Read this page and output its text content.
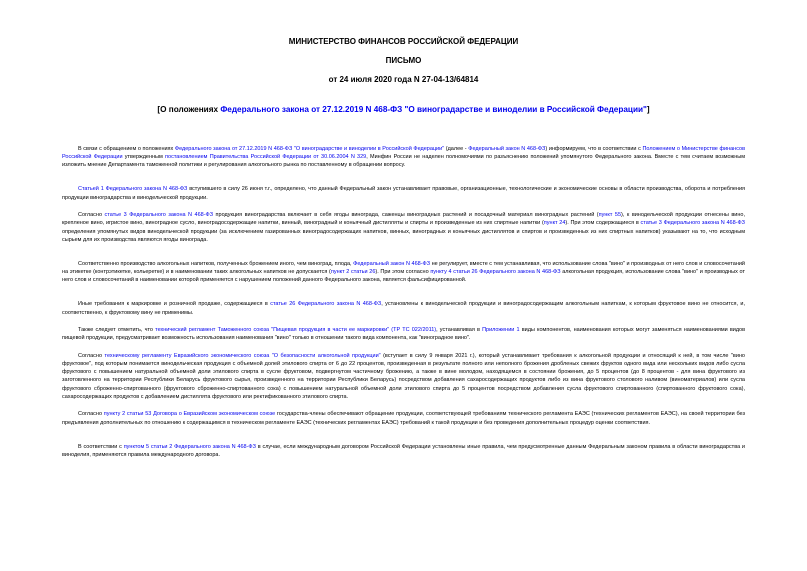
МИНИСТЕРСТВО ФИНАНСОВ РОССИЙСКОЙ ФЕДЕРАЦИИ
ПИСЬМО
от 24 июля 2020 года N 27-04-13/64814
[О положениях Федерального закона от 27.12.2019 N 468-ФЗ "О виноградарстве и виноделии в Российской Федерации"]

В связи с обращением о положениях Федерального закона от 27.12.2019 N 468-ФЗ "О виноградарстве и виноделии в Российской Федерации" (далее - Федеральный закон N 468-ФЗ) информируем, что в соответствии с Положением о Министерстве финансов Российской Федерации утвержденным постановлением Правительства Российской Федерации от 30.06.2004 N 329, Минфин России не наделен полномочиями по разъяснению положений упомянутого Федерального закона. Вместе с тем считаем возможным изложить мнение Департамента таможенной политики и регулирования алкогольного рынка по поставленному в обращении вопросу.

Статьей 1 Федерального закона N 468-ФЗ вступившего в силу 26 июня т.г., определено, что данный Федеральный закон устанавливает правовые, организационные, технологические и экономические основы в области производства, оборота и потребления продукции виноградарства и винодельческой продукции.

Согласно статье 3 Федерального закона N 468-ФЗ продукция виноградарства включает в себя ягоды винограда, саженцы виноградных растений и посадочный материал виноградных растений (пункт 55), к винодельческой продукции отнесены вино, крепленое вино, игристое вино, виноградное сусло, виноградосодержащие напитки, винный, виноградный и коньячный дистилляты и спирты и произведенные из них спиртные напитки (пункт 24). При этом содержащиеся в статье 3 Федерального закона N 468-ФЗ определения упомянутых видов винодельческой продукции (за исключением газированных виноградосодержащих напитков, винных, виноградных и коньячных дистиллятов и спиртов и произведенных из них спиртных напитков) указывают на то, что исходным сырьем для их производства являются ягоды винограда.

Соответственно производство алкогольных напитков, полученных брожением иного, чем виноград, плода, Федеральный закон N 468-ФЗ не регулирует, вместе с тем устанавливая, что использование слова "вино" и производных от него слов и словосочетаний на этикетке (контрэтикетке, кольеретке) и в наименовании таких алкогольных напитков не допускается (пункт 2 статьи 26). При этом согласно пункту 4 статьи 26 Федерального закона N 468-ФЗ алкогольная продукция, использование слова "вино" и производных от него слов и словосочетаний в наименовании которой применяется с нарушением положений данного Федерального закона, является фальсифицированной.

Иные требования к маркировке и розничной продаже, содержащиеся в статье 26 Федерального закона N 468-ФЗ, установлены к винодельческой продукции и виноградосодержащим алкогольным напиткам, к которым фруктовое вино не относится, и, соответственно, к фруктовому вину не применимы.

Также следует отметить, что технический регламент Таможенного союза "Пищевая продукция в части ее маркировки" (ТР ТС 022/2011), устанавливая в Приложении 1 виды компонентов, наименования которых могут заменяться наименованиями видов пищевой продукции, предусматривает возможность использования наименования "вино" только в отношении такого вида компонента, как "виноградное вино".

Согласно техническому регламенту Евразийского экономического союза "О безопасности алкогольной продукции" (вступает в силу 9 января 2021 г.), который устанавливает требования к алкогольной продукции и относящий к ней, в том числе "вино фруктовое", под которым понимается винодельческая продукция с объемной долей этилового спирта от 6 до 22 процентов, произведенная в результате полного или неполного брожения дробленых свежих фруктов одного вида или нескольких видов либо сусла фруктового с повышением натуральной объемной доли этилового спирта в сусле фруктовом, подвергнутом частичному брожению, а также в вине молодом, находящемся в состоянии брожения, до 5 процентов (до 8 процентов - для вина фруктового из заготовленного на территории Республики Беларусь фруктового сырья, произведенного на территории Республики Беларусь) посредством добавления сахаросодержащих продуктов либо из вина фруктового столового наливом (виноматериалов) или сусла фруктового сброженно-спиртованного (фруктового сброженно-спиртованного сока) с повышением натуральной объемной доли этилового спирта до 5 процентов посредством добавления сусла фруктового спиртованного (спиртованного фруктового сока), сахаросодержащих продуктов с добавлением дистиллята фруктового или ректификованного этилового спирта.

Согласно пункту 2 статьи 53 Договора о Евразийском экономическом союзе государства-члены обеспечивают обращение продукции, соответствующей требованиям технического регламента ЕАЭС (технических регламентов ЕАЭС), на своей территории без предъявления дополнительных по отношению к содержащимся в техническом регламенте ЕАЭС (технических регламентах ЕАЭС) требований к такой продукции и без проведения дополнительных процедур оценки соответствия.

В соответствии с пунктом 5 статьи 2 Федерального закона N 468-ФЗ в случае, если международным договором Российской Федерации установлены иные правила, чем предусмотренные данным Федеральным законом правила в области виноградарства и виноделия, применяются правила международного договора.
